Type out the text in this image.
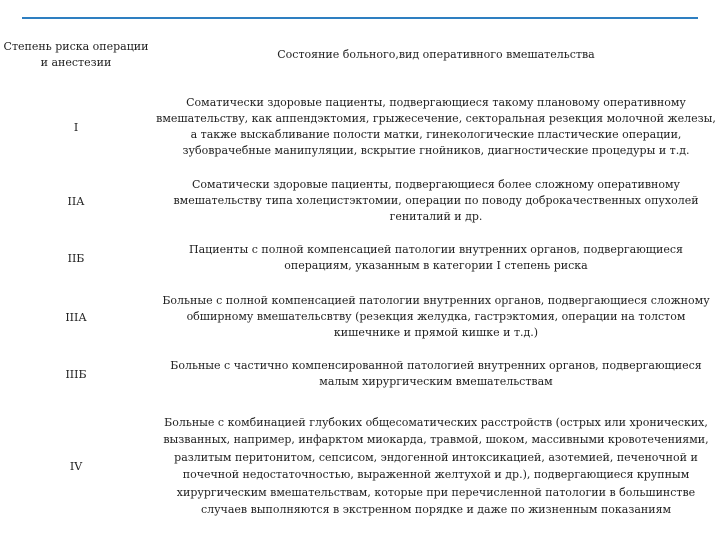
Степень риска операции и анестезии
Состояние больного,вид оперативного вмешательства
I
Соматически здоровые пациенты, подвергающиеся такому плановому оперативному вмешательству, как аппендэктомия, грыжесечение, секторальная резекция молочной железы, а также выскабливание полости матки, гинекологические пластические операции, зубоврачебные манипуляции, вскрытие гнойников, диагностические процедуры и т.д.
IIА
Соматически здоровые пациенты, подвергающиеся более сложному оперативному вмешательству типа холецистэктомии, операции по поводу доброкачественных опухолей гениталий и др.
IIБ
Пациенты с полной компенсацией патологии внутренних органов, подвергающиеся операциям, указанным в категории I степень риска
IIIА
Больные с полной компенсацией патологии внутренних органов, подвергающиеся сложному обширному вмешательсвтву (резекция желудка, гастрэктомия, операции на толстом кишечнике и прямой кишке и т.д.)
IIIБ
Больные с частично компенсированной патологией внутренних органов, подвергающиеся малым хирургическим вмешательствам
IV
Больные с комбинацией глубоких общесоматических расстройств (острых или хронических, вызванных, например, инфарктом миокарда, травмой, шоком, массивными кровотечениями, разлитым перитонитом, сепсисом, эндогенной интоксикацией, азотемией, печеночной и почечной недостаточностью, выраженной желтухой и др.), подвергающиеся крупным хирургическим вмешательствам, которые при перечисленной патологии в большинстве случаев выполняются в экстренном порядке и даже по жизненным показаниям
